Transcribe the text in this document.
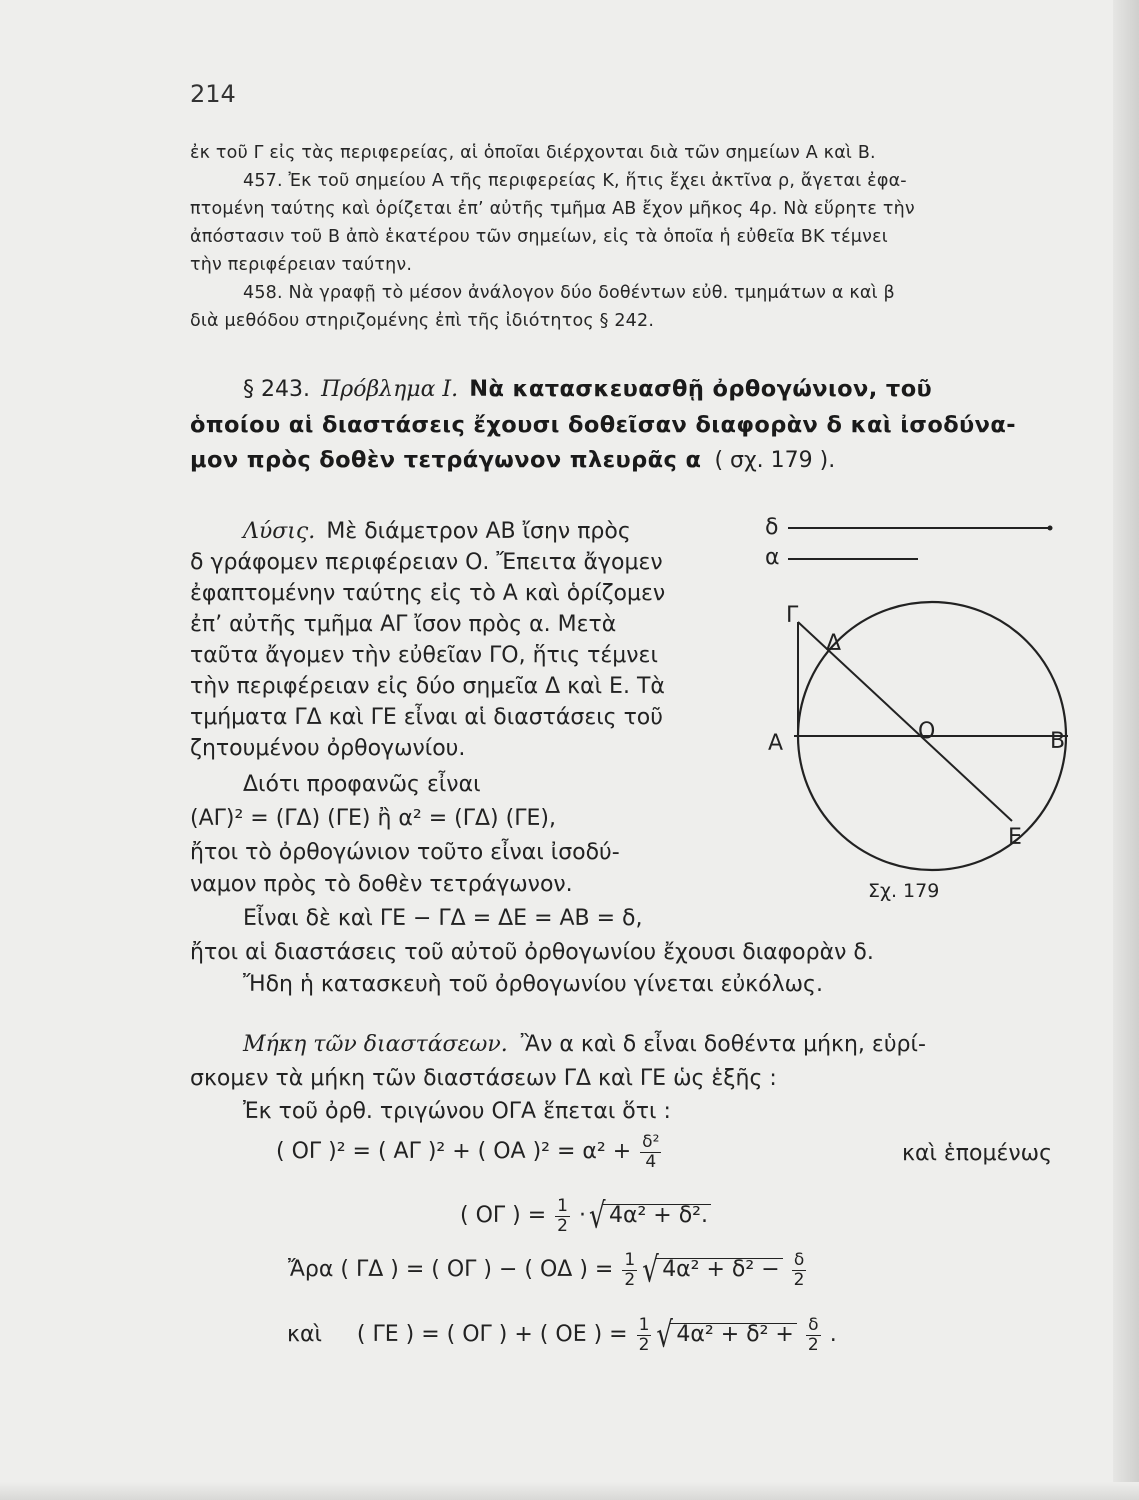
214
ἐκ τοῦ Γ εἰς τὰς περιφερείας, αἱ ὁποῖαι διέρχονται διὰ τῶν σημείων Α καὶ Β.
457. Ἐκ τοῦ σημείου Α τῆς περιφερείας Κ, ἥτις ἔχει ἀκτῖνα ρ, ἄγεται ἐφα-
πτομένη ταύτης καὶ ὁρίζεται ἐπ’ αὐτῆς τμῆμα ΑΒ ἔχον μῆκος 4ρ. Νὰ εὕρητε τὴν
ἀπόστασιν τοῦ Β ἀπὸ ἑκατέρου τῶν σημείων, εἰς τὰ ὁποῖα ἡ εὐθεῖα ΒΚ τέμνει
τὴν περιφέρειαν ταύτην.
458. Νὰ γραφῇ τὸ μέσον ἀνάλογον δύο δοθέντων εὐθ. τμημάτων α καὶ β
διὰ μεθόδου στηριζομένης ἐπὶ τῆς ἰδιότητος § 242.
§ 243. Πρόβλημα Ι. Νὰ κατασκευασθῇ ὀρθογώνιον, τοῦ
ὁποίου αἱ διαστάσεις ἔχουσι δοθεῖσαν διαφορὰν δ καὶ ἰσοδύνα-
μον πρὸς δοθὲν τετράγωνον πλευρᾶς α ( σχ. 179 ).
Λύσις. Μὲ διάμετρον ΑΒ ἴσην πρὸς
δ γράφομεν περιφέρειαν Ο. Ἔπειτα ἄγομεν
ἐφαπτομένην ταύτης εἰς τὸ Α καὶ ὁρίζομεν
ἐπ’ αὐτῆς τμῆμα ΑΓ ἴσον πρὸς α. Μετὰ
ταῦτα ἄγομεν τὴν εὐθεῖαν ΓΟ, ἥτις τέμνει
τὴν περιφέρειαν εἰς δύο σημεῖα Δ καὶ Ε. Τὰ
τμήματα ΓΔ καὶ ΓΕ εἶναι αἱ διαστάσεις τοῦ
ζητουμένου ὀρθογωνίου.
Διότι προφανῶς εἶναι
(ΑΓ)² = (ΓΔ) (ΓΕ) ἢ α² = (ΓΔ) (ΓΕ),
ἤτοι τὸ ὀρθογώνιον τοῦτο εἶναι ἰσοδύ-
ναμον πρὸς τὸ δοθὲν τετράγωνον.
Εἶναι δὲ καὶ ΓΕ − ΓΔ = ΔΕ = ΑΒ = δ,
ἤτοι αἱ διαστάσεις τοῦ αὐτοῦ ὀρθογωνίου ἔχουσι διαφορὰν δ.
Ἤδη ἡ κατασκευὴ τοῦ ὀρθογωνίου γίνεται εὐκόλως.
Γ
Δ
Ο
Α	Β
Ε
δ
α
Σχ. 179
Μήκη τῶν διαστάσεων. Ἂν α καὶ δ εἶναι δοθέντα μήκη, εὑρί-
σκομεν τὰ μήκη τῶν διαστάσεων ΓΔ καὶ ΓΕ ὡς ἑξῆς :
Ἐκ τοῦ ὀρθ. τριγώνου ΟΓΑ ἕπεται ὅτι :
( ΟΓ )² = ( ΑΓ )² + ( ΟΑ )$^2 = \alpha^2 + \frac{\text{δ²}}{4}$	καὶ ἑπομένως
( ΟΓ ) = $\frac{1}{2}$ · √ 4α² + δ².
Ἄρα ( ΓΔ ) = ( ΟΓ ) − ( ΟΔ ) = $\frac{1}{2}$ √ $4\alpha^2 + \delta^2 - \frac{\delta}{2}$
καὶ ( ΓΕ ) = ( ΟΓ ) + ( ΟΕ ) = $\frac{1}{2}$ √ $4\alpha^2 + \delta^2 + \frac{\delta}{2}$ .
